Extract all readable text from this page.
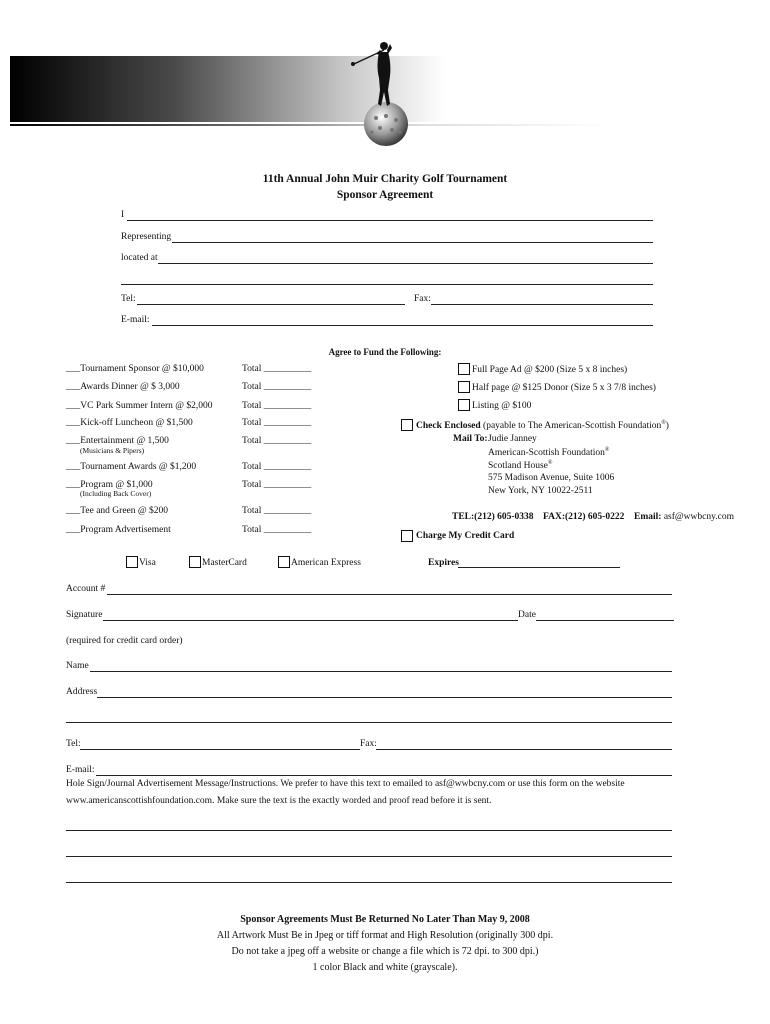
11th Annual John Muir Charity Golf Tournament
Sponsor Agreement
I
Representing
located at
Tel:	Fax:
E-mail:
Agree to Fund the Following:
___Tournament Sponsor @ $10,000	Total __________
___Awards Dinner @ $ 3,000	Total __________
___VC Park Summer Intern @ $2,000	Total __________
___Kick-off Luncheon @ $1,500	Total __________
___Entertainment @ 1,500
(Musicians & Pipers)
Total __________
___Tournament Awards @ $1,200	Total __________
___Program @ $1,000
(Including Back Cover)
Total __________
___Tee and Green @ $200	Total __________
___Program Advertisement	Total __________
Full Page Ad @ $200 (Size 5 x 8 inches)
Half page @ $125 Donor (Size 5 x 3 7/8 inches)
Listing @ $100
Check Enclosed (payable to The American-Scottish Foundation®)
Mail To: Judie Janney
American-Scottish Foundation®
Scotland House®
575 Madison Avenue, Suite 1006
New York, NY 10022-2511
TEL:(212) 605-0338 FAX:(212) 605-0222 Email: asf@wwbcny.com
Charge My Credit Card
Visa	MasterCard	American Express	Expires
Account #
Signature	Date
(required for credit card order)
Name
Address
Tel:	Fax:
E-mail:
Hole Sign/Journal Advertisement Message/Instructions. We prefer to have this text to emailed to asf@wwbcny.com or use this form on the website
www.americanscottishfoundation.com. Make sure the text is the exactly worded and proof read before it is sent.
Sponsor Agreements Must Be Returned No Later Than May 9, 2008
All Artwork Must Be in Jpeg or tiff format and High Resolution (originally 300 dpi.
Do not take a jpeg off a website or change a file which is 72 dpi. to 300 dpi.)
1 color Black and white (grayscale).
